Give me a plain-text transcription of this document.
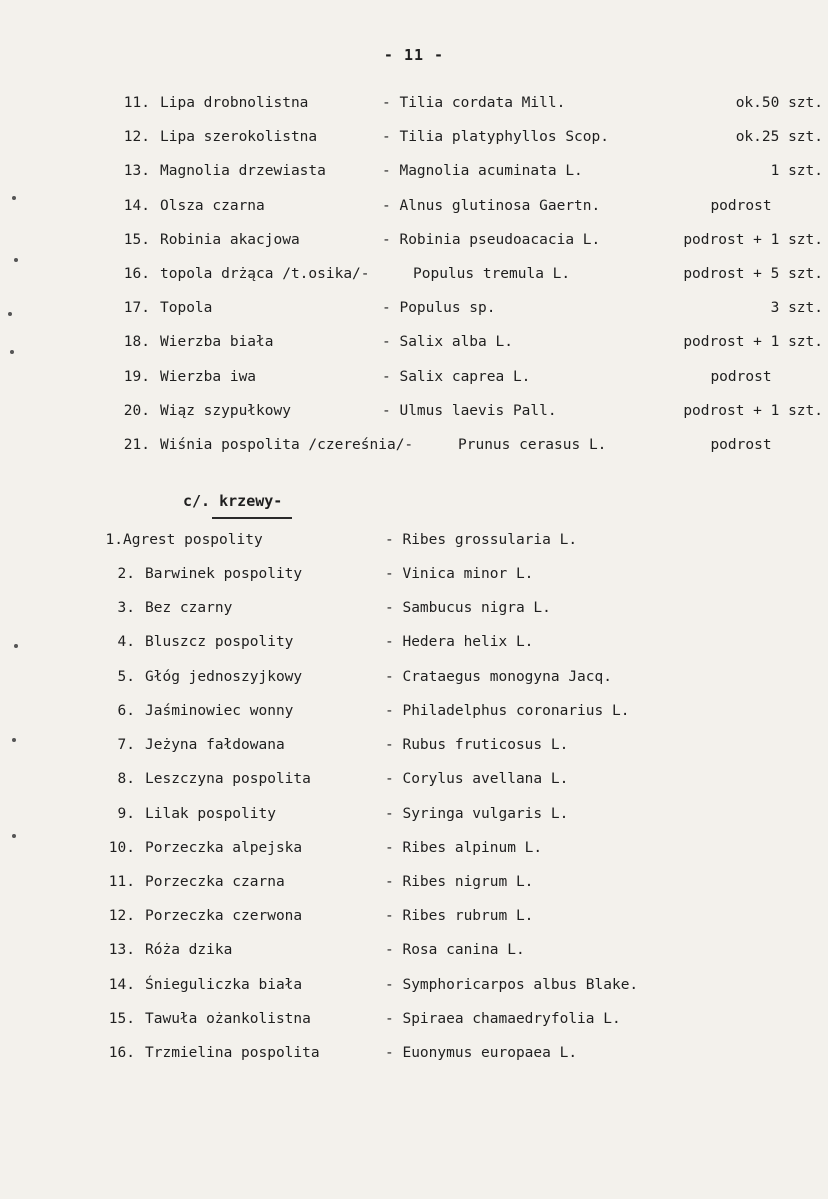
- 11 -
11. Lipa drobnolistna	- Tilia cordata Mill.	ok.50 szt.
12. Lipa szerokolistna	- Tilia platyphyllos Scop.	ok.25 szt.
13. Magnolia drzewiasta	- Magnolia acuminata L.	1 szt.
14. Olsza czarna	- Alnus glutinosa Gaertn.	podrost
15. Robinia akacjowa	- Robinia pseudoacacia L.	podrost + 1 szt.
16. topola drżąca /t.osika/-	Populus tremula L.	podrost + 5 szt.
17. Topola	- Populus sp.	3 szt.
18. Wierzba biała	- Salix alba L.	podrost + 1 szt.
19. Wierzba iwa	- Salix caprea L.	podrost
20. Wiąz szypułkowy	- Ulmus laevis Pall.	podrost + 1 szt.
21. Wiśnia pospolita /czereśnia/-	Prunus cerasus L.	podrost
c/. krzewy-
1. Agrest pospolity	- Ribes grossularia L.
2. Barwinek pospolity	- Vinica minor L.
3. Bez czarny	- Sambucus nigra L.
4. Bluszcz pospolity	- Hedera helix L.
5. Głóg jednoszyjkowy	- Crataegus monogyna Jacq.
6. Jaśminowiec wonny	- Philadelphus coronarius L.
7. Jeżyna fałdowana	- Rubus fruticosus L.
8. Leszczyna pospolita	- Corylus avellana L.
9. Lilak pospolity	- Syringa vulgaris L.
10. Porzeczka alpejska	- Ribes alpinum L.
11. Porzeczka czarna	- Ribes nigrum L.
12. Porzeczka czerwona	- Ribes rubrum L.
13. Róża dzika	- Rosa canina L.
14. Śnieguliczka biała	- Symphoricarpos albus Blake.
15. Tawuła ożankolistna	- Spiraea chamaedryfolia L.
16. Trzmielina pospolita	- Euonymus europaea L.
